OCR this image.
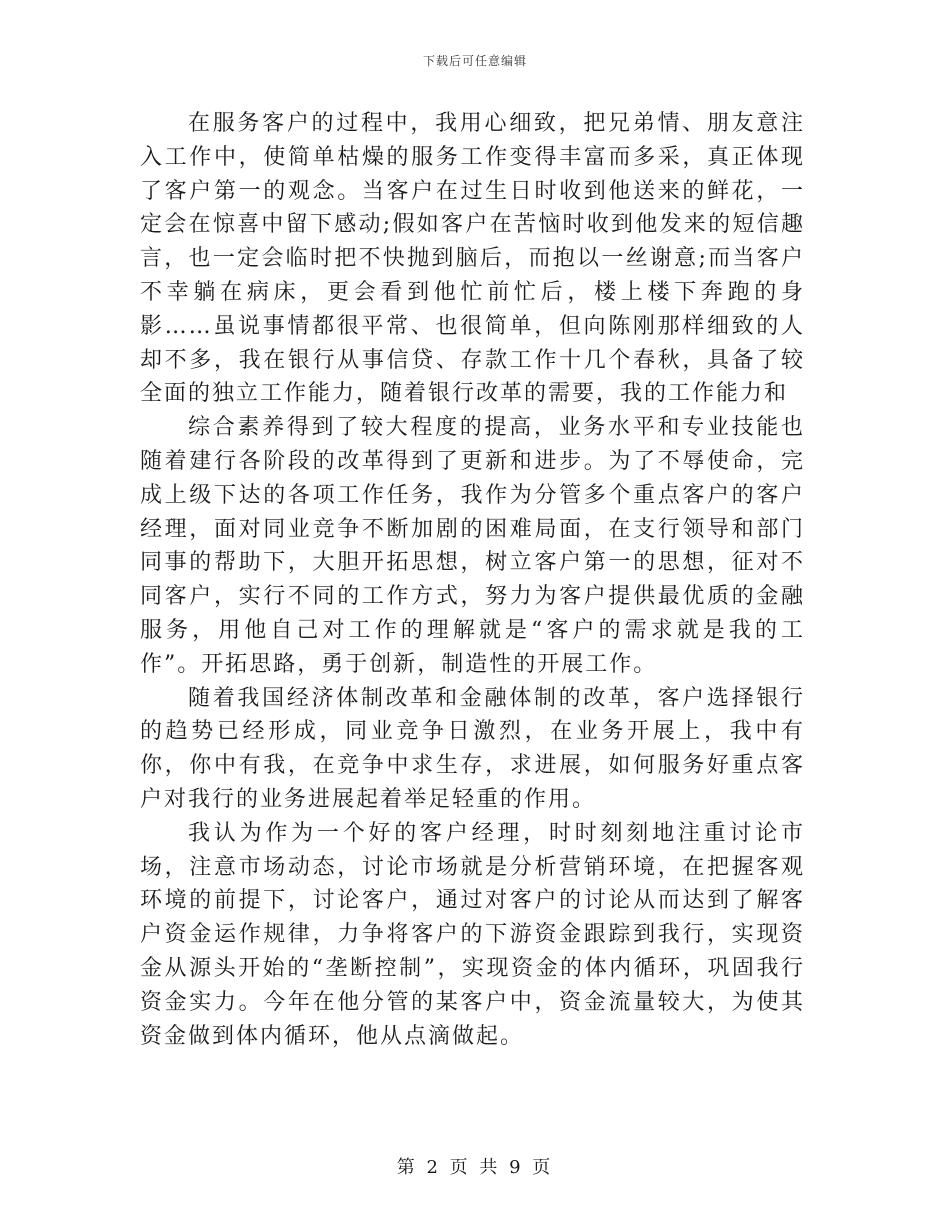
下载后可任意编辑

在服务客户的过程中，我用心细致，把兄弟情、朋友意注入工作中，使简单枯燥的服务工作变得丰富而多采，真正体现了客户第一的观念。当客户在过生日时收到他送来的鲜花，一定会在惊喜中留下感动;假如客户在苦恼时收到他发来的短信趣言，也一定会临时把不快抛到脑后，而抱以一丝谢意;而当客户不幸躺在病床，更会看到他忙前忙后，楼上楼下奔跑的身影……虽说事情都很平常、也很简单，但向陈刚那样细致的人却不多，我在银行从事信贷、存款工作十几个春秋，具备了较全面的独立工作能力，随着银行改革的需要，我的工作能力和

综合素养得到了较大程度的提高，业务水平和专业技能也随着建行各阶段的改革得到了更新和进步。为了不辱使命，完成上级下达的各项工作任务，我作为分管多个重点客户的客户经理，面对同业竞争不断加剧的困难局面，在支行领导和部门同事的帮助下，大胆开拓思想，树立客户第一的思想，征对不同客户，实行不同的工作方式，努力为客户提供最优质的金融服务，用他自己对工作的理解就是“客户的需求就是我的工作”。开拓思路，勇于创新，制造性的开展工作。

随着我国经济体制改革和金融体制的改革，客户选择银行的趋势已经形成，同业竞争日激烈，在业务开展上，我中有你，你中有我，在竞争中求生存，求进展，如何服务好重点客户对我行的业务进展起着举足轻重的作用。

我认为作为一个好的客户经理，时时刻刻地注重讨论市场，注意市场动态，讨论市场就是分析营销环境，在把握客观环境的前提下，讨论客户，通过对客户的讨论从而达到了解客户资金运作规律，力争将客户的下游资金跟踪到我行，实现资金从源头开始的“垄断控制”，实现资金的体内循环，巩固我行资金实力。今年在他分管的某客户中，资金流量较大，为使其资金做到体内循环，他从点滴做起。

第 2 页 共 9 页
